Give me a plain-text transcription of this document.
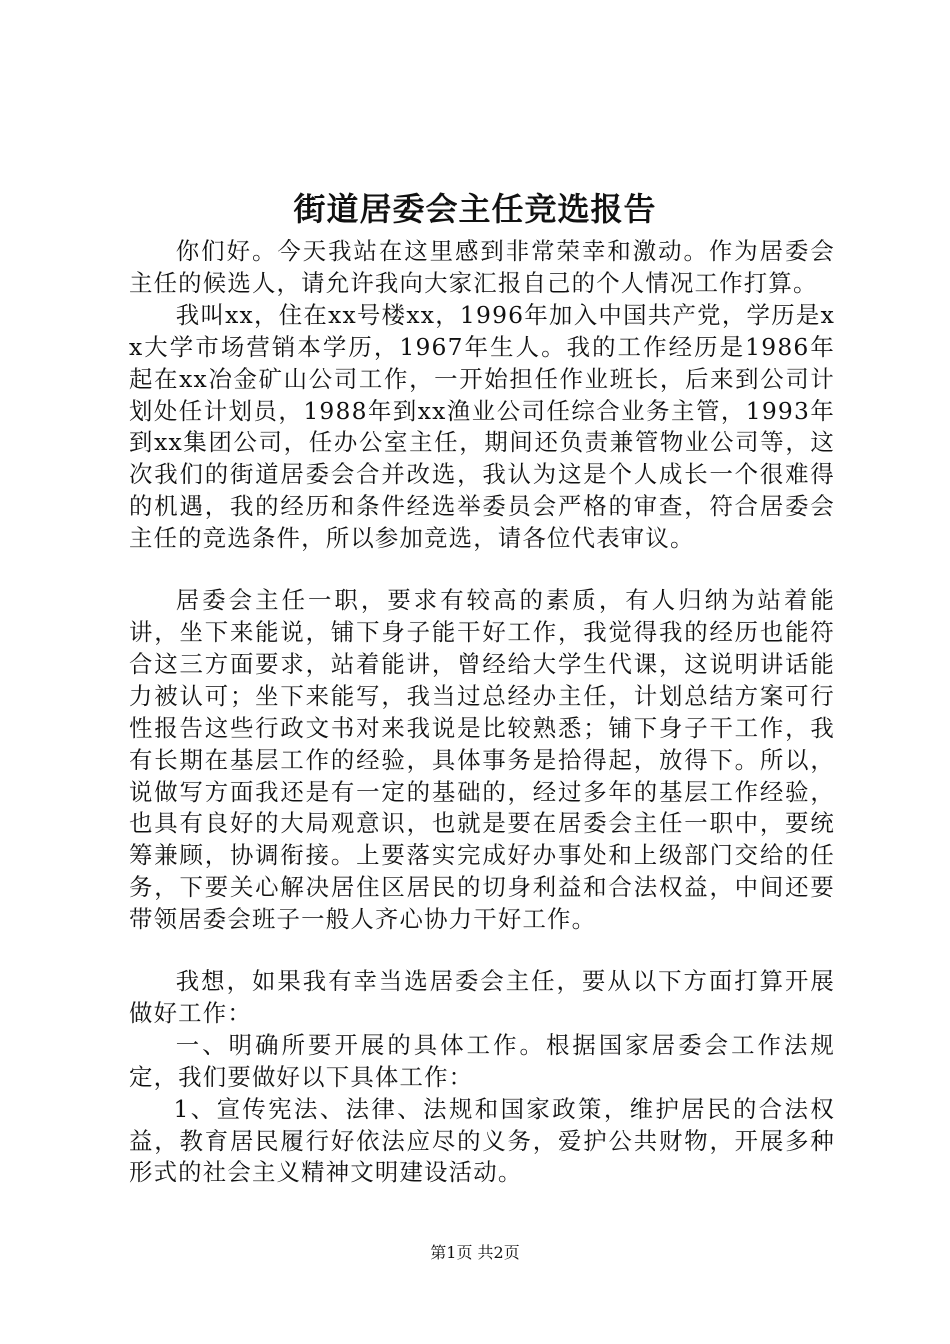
街道居委会主任竞选报告

你们好。今天我站在这里感到非常荣幸和激动。作为居委会主任的候选人，请允许我向大家汇报自己的个人情况工作打算。

我叫xx，住在xx号楼xx，1996年加入中国共产党，学历是xx大学市场营销本学历，1967年生人。我的工作经历是1986年起在xx冶金矿山公司工作，一开始担任作业班长，后来到公司计划处任计划员，1988年到xx渔业公司任综合业务主管，1993年到xx集团公司，任办公室主任，期间还负责兼管物业公司等，这次我们的街道居委会合并改选，我认为这是个人成长一个很难得的机遇，我的经历和条件经选举委员会严格的审查，符合居委会主任的竞选条件，所以参加竞选，请各位代表审议。

居委会主任一职，要求有较高的素质，有人归纳为站着能讲，坐下来能说，铺下身子能干好工作，我觉得我的经历也能符合这三方面要求，站着能讲，曾经给大学生代课，这说明讲话能力被认可；坐下来能写，我当过总经办主任，计划总结方案可行性报告这些行政文书对来我说是比较熟悉；铺下身子干工作，我有长期在基层工作的经验，具体事务是拾得起，放得下。所以，说做写方面我还是有一定的基础的，经过多年的基层工作经验，也具有良好的大局观意识，也就是要在居委会主任一职中，要统筹兼顾，协调衔接。上要落实完成好办事处和上级部门交给的任务，下要关心解决居住区居民的切身利益和合法权益，中间还要带领居委会班子一般人齐心协力干好工作。

我想，如果我有幸当选居委会主任，要从以下方面打算开展做好工作：

一、明确所要开展的具体工作。根据国家居委会工作法规定，我们要做好以下具体工作：

1、宣传宪法、法律、法规和国家政策，维护居民的合法权益，教育居民履行好依法应尽的义务，爱护公共财物，开展多种形式的社会主义精神文明建设活动。

第1页 共2页
